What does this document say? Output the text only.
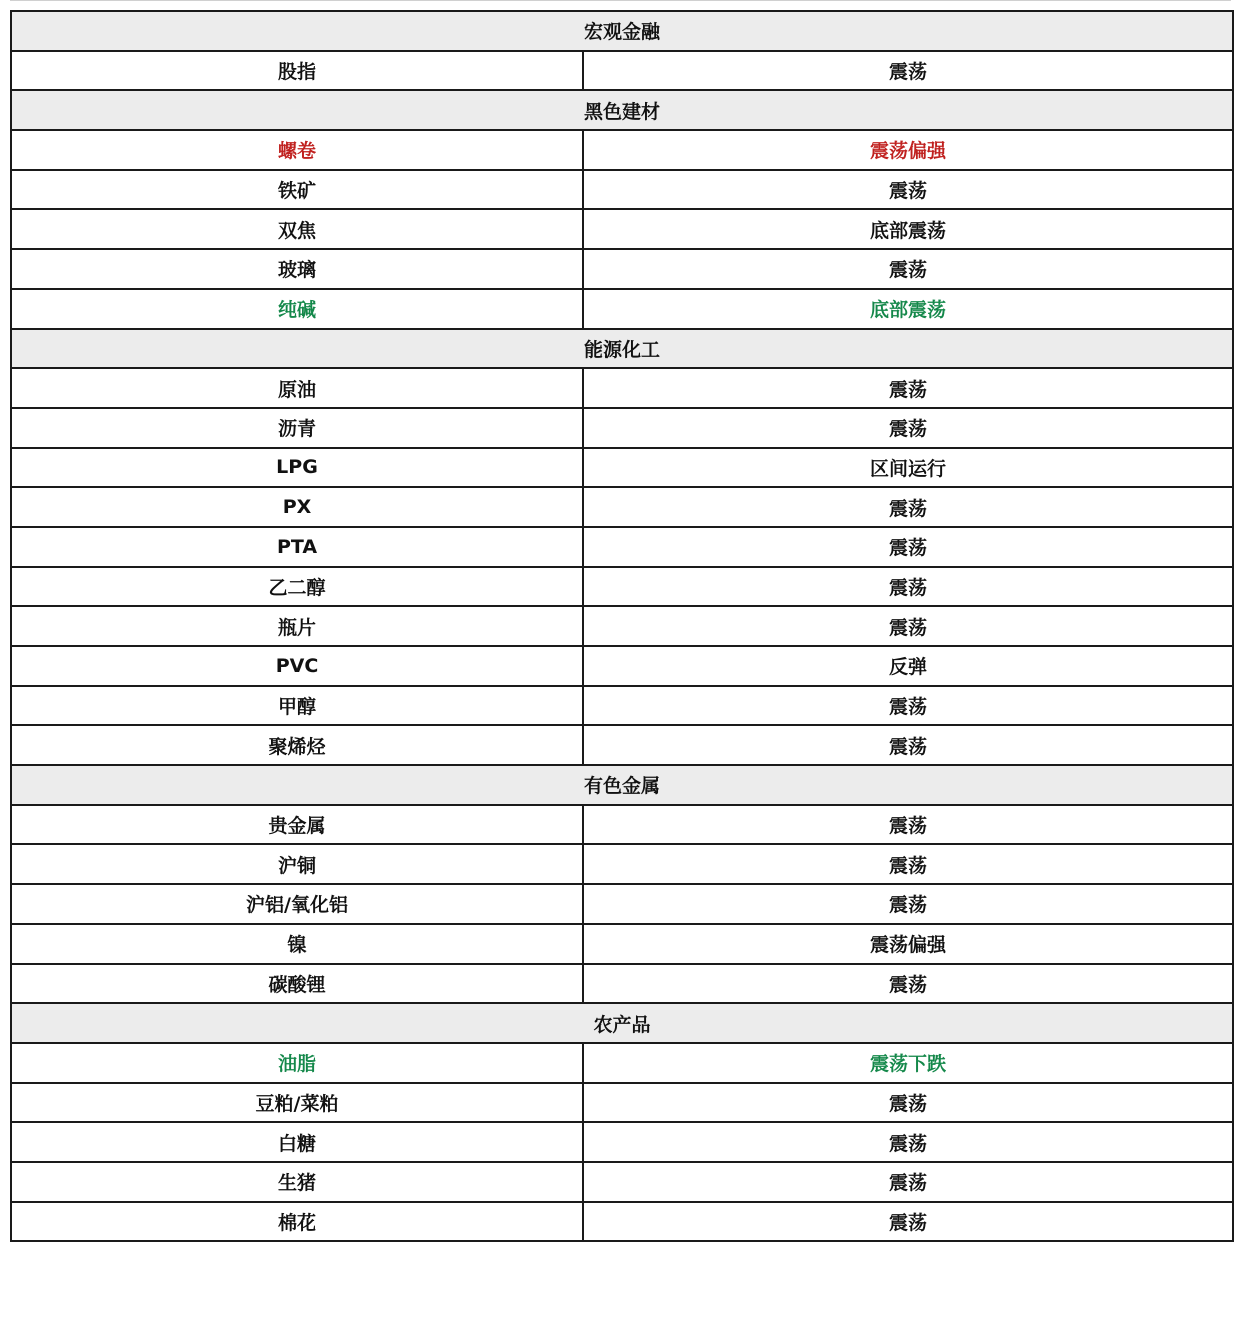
宏观金融	
股指	震荡
黑色建材	
螺卷	震荡偏强
铁矿	震荡
双焦	底部震荡
玻璃	震荡
纯碱	底部震荡
能源化工	
原油	震荡
沥青	震荡
LPG	区间运行
PX	震荡
PTA	震荡
乙二醇	震荡
瓶片	震荡
PVC	反弹
甲醇	震荡
聚烯烃	震荡
有色金属	
贵金属	震荡
沪铜	震荡
沪铝/氧化铝	震荡
镍	震荡偏强
碳酸锂	震荡
农产品	
油脂	震荡下跌
豆粕/菜粕	震荡
白糖	震荡
生猪	震荡
棉花	震荡
